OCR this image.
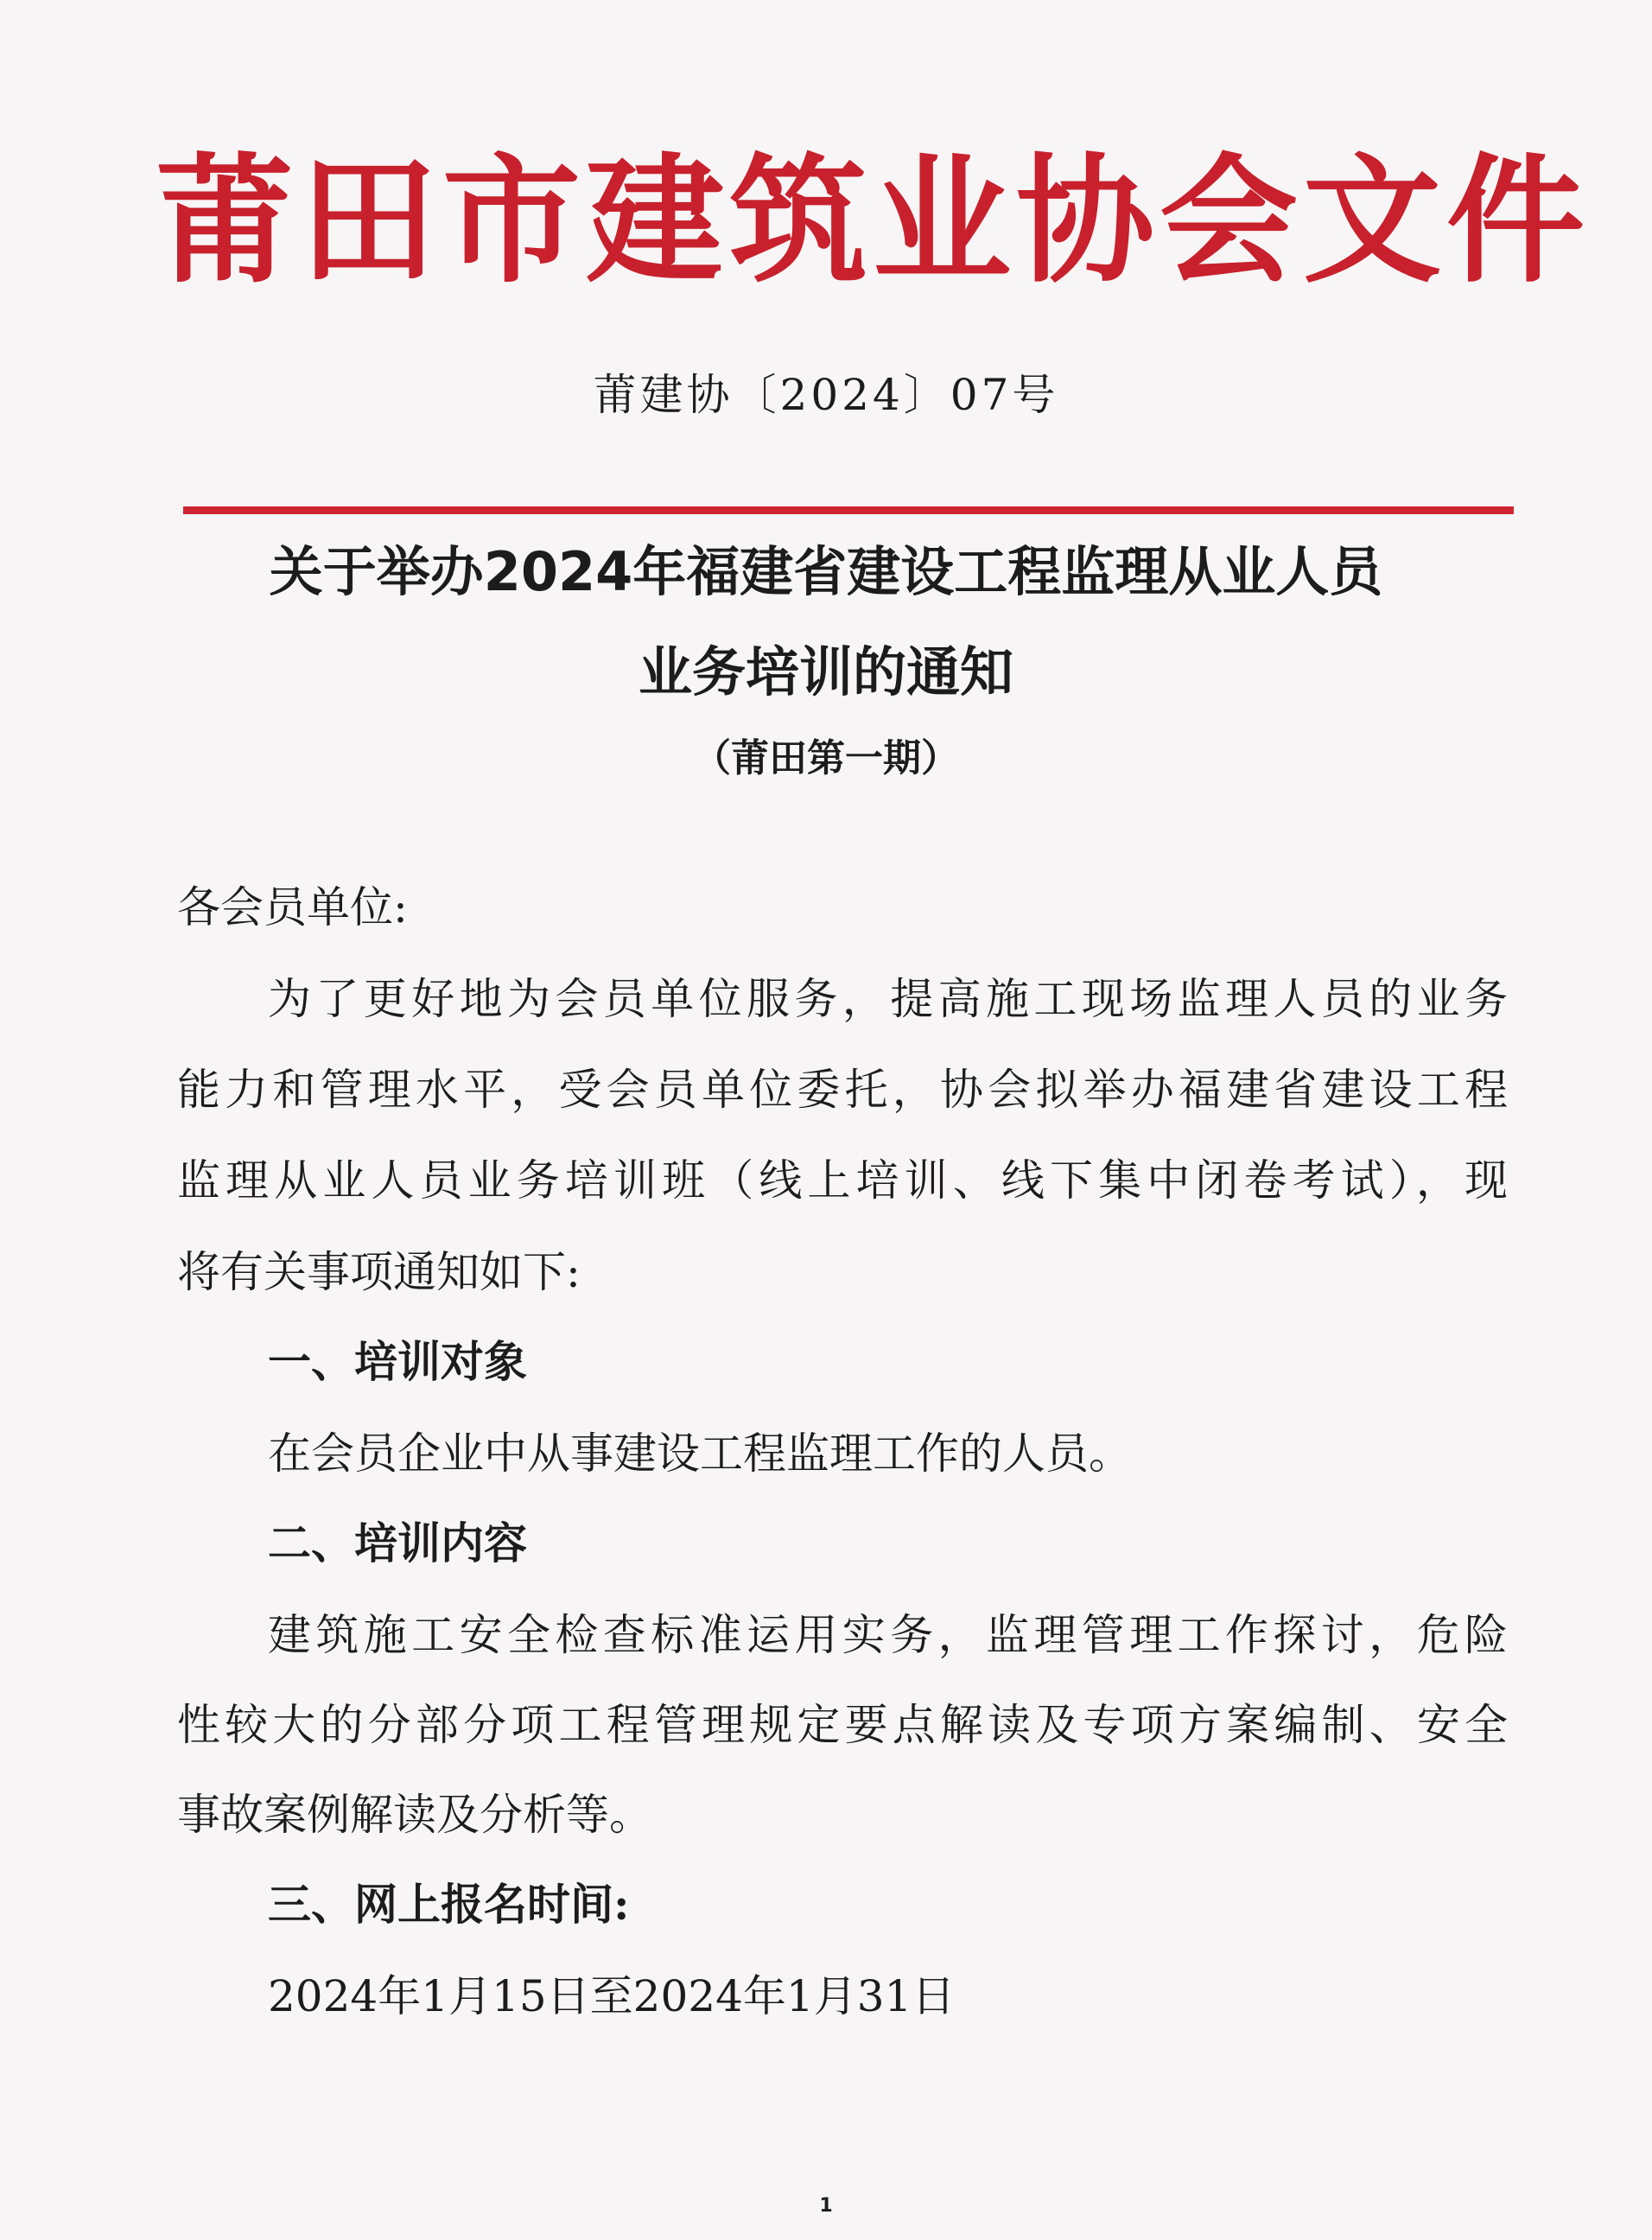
莆田市建筑业协会文件
莆建协〔2024〕07号
关于举办2024年福建省建设工程监理从业人员
业务培训的通知
（莆田第一期）
各会员单位:
为了更好地为会员单位服务，提高施工现场监理人员的业务
能力和管理水平，受会员单位委托，协会拟举办福建省建设工程
监理从业人员业务培训班（线上培训、线下集中闭卷考试），现
将有关事项通知如下:
一、培训对象
在会员企业中从事建设工程监理工作的人员。
二、培训内容
建筑施工安全检查标准运用实务，监理管理工作探讨，危险
性较大的分部分项工程管理规定要点解读及专项方案编制、安全
事故案例解读及分析等。
三、网上报名时间:
2024年1月15日至2024年1月31日
1
